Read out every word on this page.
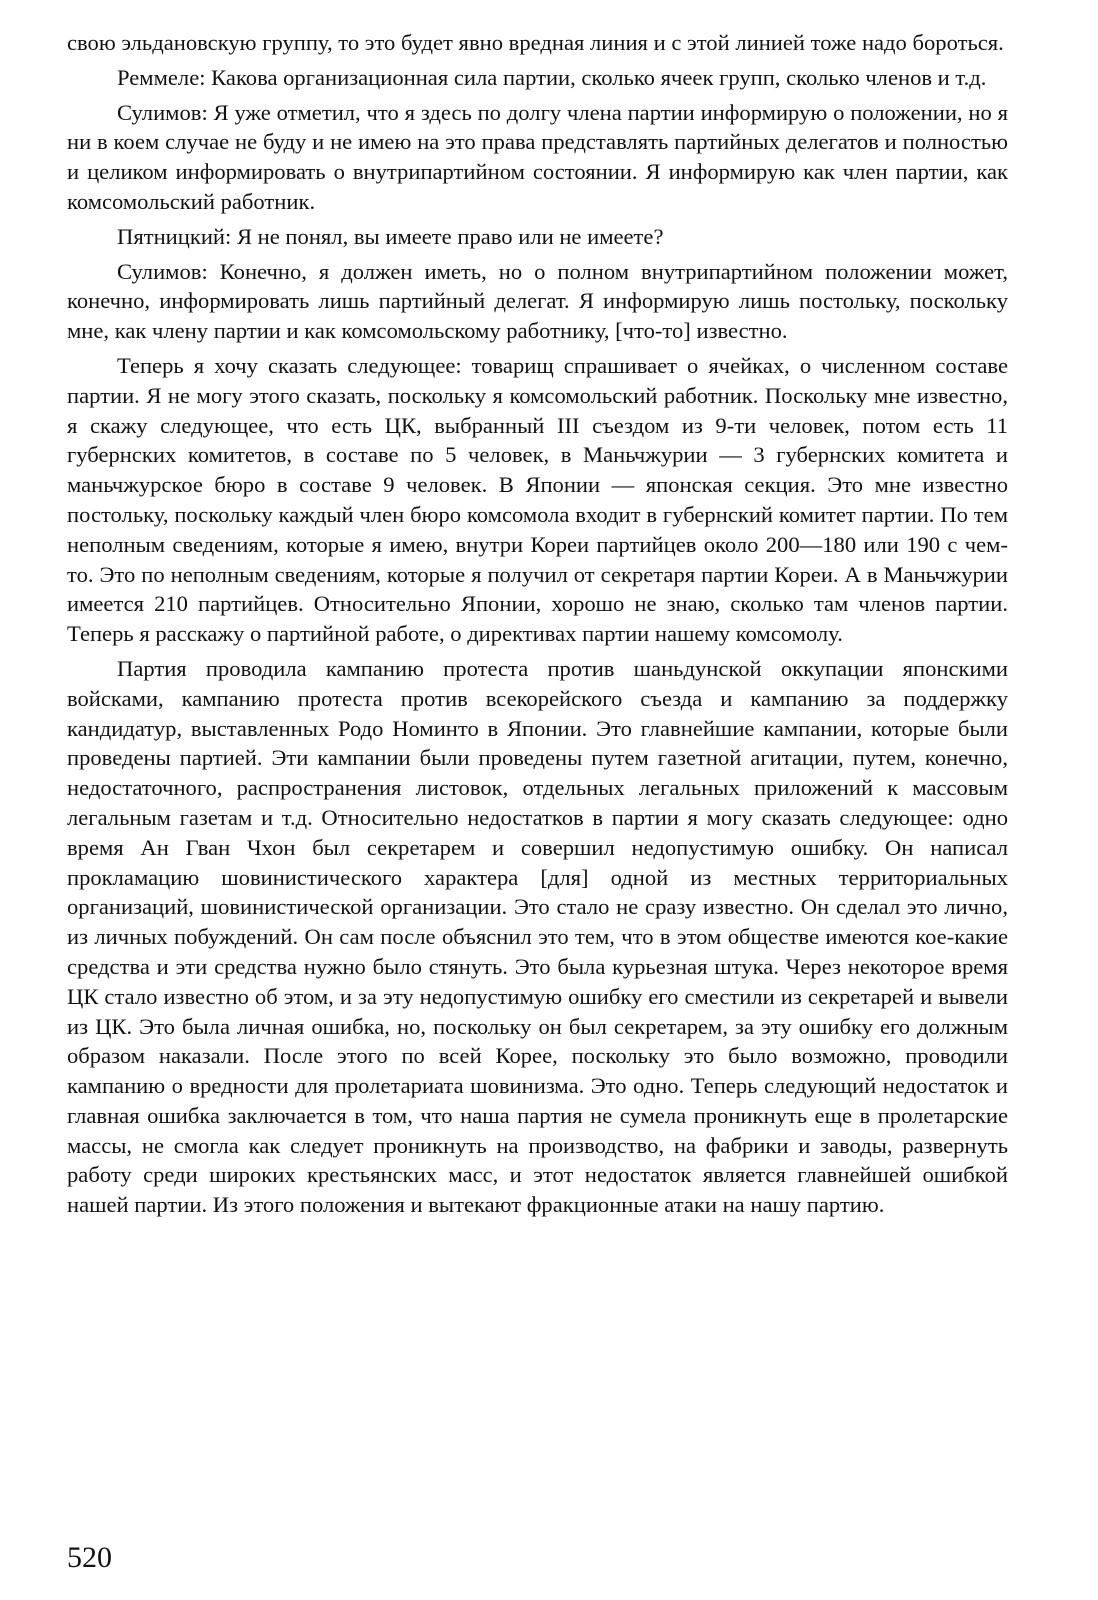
свою эльдановскую группу, то это будет явно вредная линия и с этой линией тоже надо бороться.

Реммеле: Какова организационная сила партии, сколько ячеек групп, сколько членов и т.д.

Сулимов: Я уже отметил, что я здесь по долгу члена партии информирую о положении, но я ни в коем случае не буду и не имею на это права представлять партийных делегатов и полностью и целиком информировать о внутрипартийном состоянии. Я информирую как член партии, как комсомольский работник.

Пятницкий: Я не понял, вы имеете право или не имеете?

Сулимов: Конечно, я должен иметь, но о полном внутрипартийном положении может, конечно, информировать лишь партийный делегат. Я информирую лишь постольку, поскольку мне, как члену партии и как комсомольскому работнику, [что-то] известно.

Теперь я хочу сказать следующее: товарищ спрашивает о ячейках, о численном составе партии. Я не могу этого сказать, поскольку я комсомольский работник. Поскольку мне известно, я скажу следующее, что есть ЦК, выбранный III съездом из 9-ти человек, потом есть 11 губернских комитетов, в составе по 5 человек, в Маньчжурии — 3 губернских комитета и маньчжурское бюро в составе 9 человек. В Японии — японская секция. Это мне известно постольку, поскольку каждый член бюро комсомола входит в губернский комитет партии. По тем неполным сведениям, которые я имею, внутри Кореи партийцев около 200—180 или 190 с чем-то. Это по неполным сведениям, которые я получил от секретаря партии Кореи. А в Маньчжурии имеется 210 партийцев. Относительно Японии, хорошо не знаю, сколько там членов партии. Теперь я расскажу о партийной работе, о директивах партии нашему комсомолу.

Партия проводила кампанию протеста против шаньдунской оккупации японскими войсками, кампанию протеста против всекорейского съезда и кампанию за поддержку кандидатур, выставленных Родо Номинто в Японии. Это главнейшие кампании, которые были проведены партией. Эти кампании были проведены путем газетной агитации, путем, конечно, недостаточного, распространения листовок, отдельных легальных приложений к массовым легальным газетам и т.д. Относительно недостатков в партии я могу сказать следующее: одно время Ан Гван Чхон был секретарем и совершил недопустимую ошибку. Он написал прокламацию шовинистического характера [для] одной из местных территориальных организаций, шовинистической организации. Это стало не сразу известно. Он сделал это лично, из личных побуждений. Он сам после объяснил это тем, что в этом обществе имеются кое-какие средства и эти средства нужно было стянуть. Это была курьезная штука. Через некоторое время ЦК стало известно об этом, и за эту недопустимую ошибку его сместили из секретарей и вывели из ЦК. Это была личная ошибка, но, поскольку он был секретарем, за эту ошибку его должным образом наказали. После этого по всей Корее, поскольку это было возможно, проводили кампанию о вредности для пролетариата шовинизма. Это одно. Теперь следующий недостаток и главная ошибка заключается в том, что наша партия не сумела проникнуть еще в пролетарские массы, не смогла как следует проникнуть на производство, на фабрики и заводы, развернуть работу среди широких крестьянских масс, и этот недостаток является главнейшей ошибкой нашей партии. Из этого положения и вытекают фракционные атаки на нашу партию.

520
